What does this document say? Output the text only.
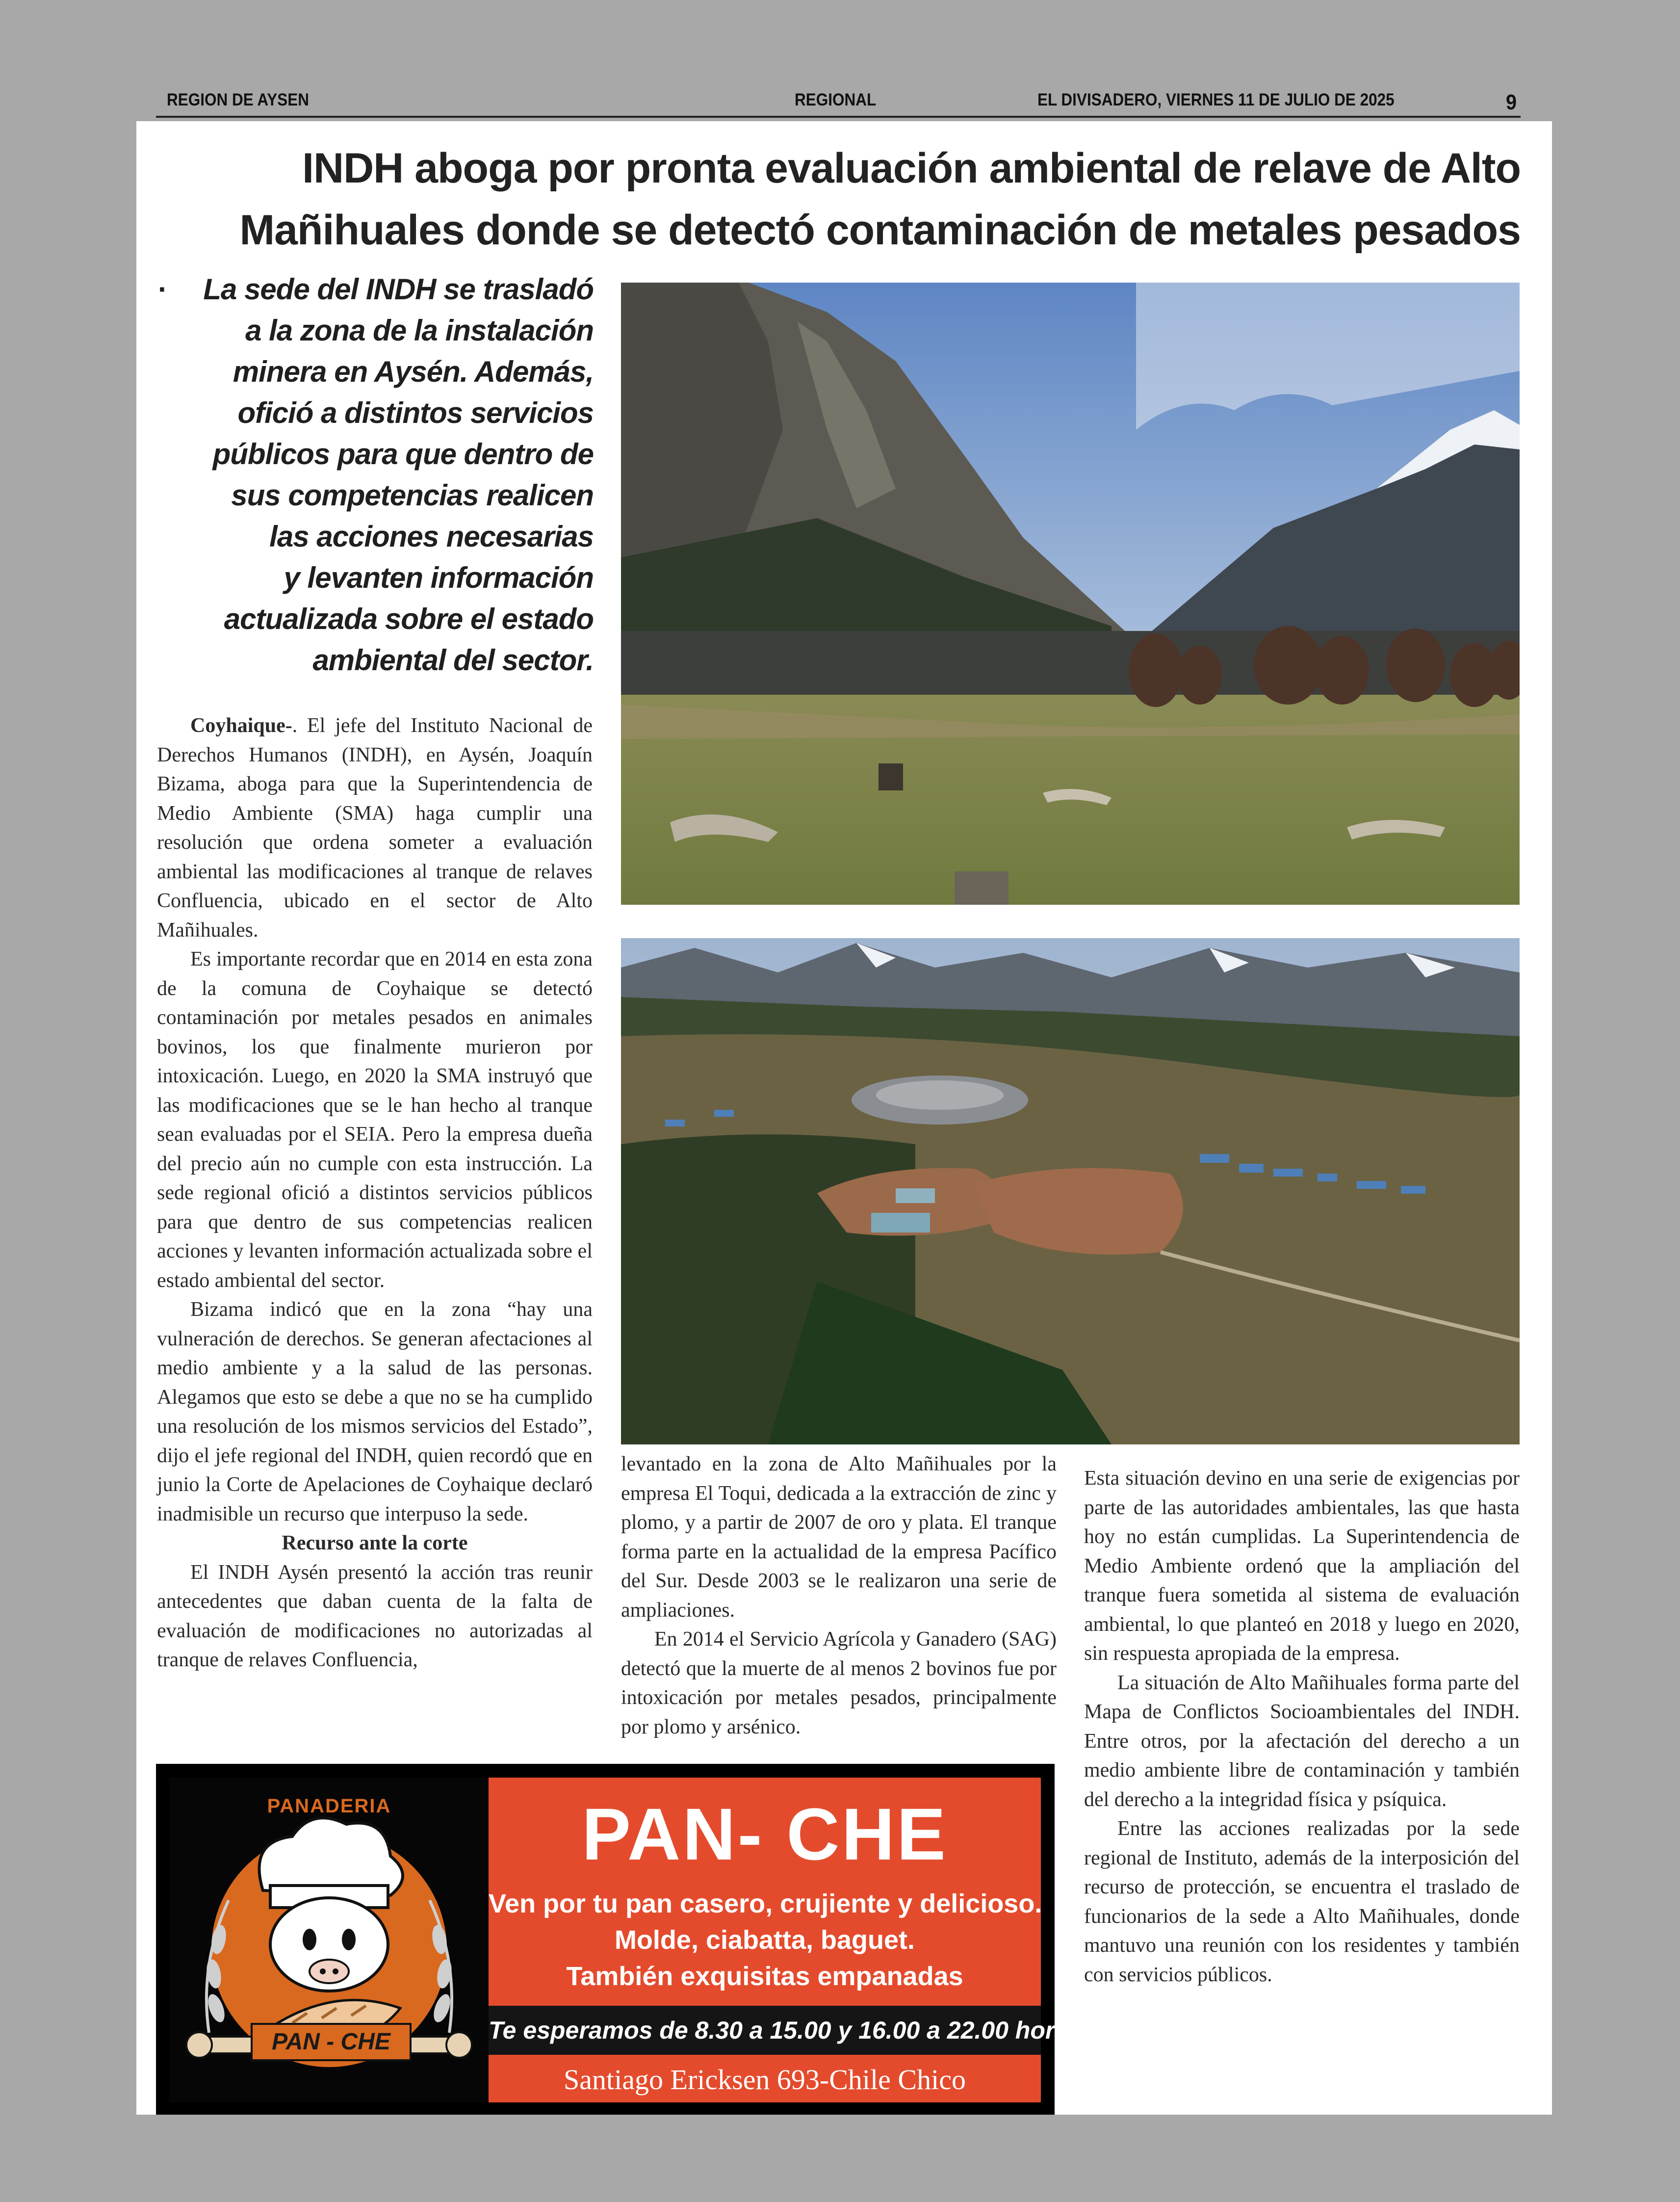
REGION DE AYSEN	REGIONAL	EL DIVISADERO, VIERNES 11 DE JULIO DE 2025	9
INDH aboga por pronta evaluación ambiental de relave de Alto
Mañihuales donde se detectó contaminación de metales pesados
·	La sede del INDH se trasladó
a la zona de la instalación
minera en Aysén. Además,
ofició a distintos servicios
públicos para que dentro de
sus competencias realicen
las acciones necesarias
y levanten información
actualizada sobre el estado
ambiental del sector.

Coyhaique-. El jefe del Instituto Nacional de Derechos Humanos (INDH), en Aysén, Joaquín Bizama, aboga para que la Superintendencia de Medio Ambiente (SMA) haga cumplir una resolución que ordena someter a evaluación ambiental las modificaciones al tranque de relaves Confluencia, ubicado en el sector de Alto Mañihuales.

Es importante recordar que en 2014 en esta zona de la comuna de Coyhaique se detectó contaminación por metales pesados en animales bovinos, los que finalmente murieron por intoxicación. Luego, en 2020 la SMA instruyó que las modificaciones que se le han hecho al tranque sean evaluadas por el SEIA. Pero la empresa dueña del precio aún no cumple con esta instrucción. La sede regional ofició a distintos servicios públicos para que dentro de sus competencias realicen acciones y levanten información actualizada sobre el estado ambiental del sector.

Bizama indicó que en la zona “hay una vulneración de derechos. Se generan afectaciones al medio ambiente y a la salud de las personas. Alegamos que esto se debe a que no se ha cumplido una resolución de los mismos servicios del Estado”, dijo el jefe regional del INDH, quien recordó que en junio la Corte de Apelaciones de Coyhaique declaró inadmisible un recurso que interpuso la sede.

Recurso ante la corte

El INDH Aysén presentó la acción tras reunir antecedentes que daban cuenta de la falta de evaluación de modificaciones no autorizadas al tranque de relaves Confluencia,

levantado en la zona de Alto Mañihuales por la empresa El Toqui, dedicada a la extracción de zinc y plomo, y a partir de 2007 de oro y plata. El tranque forma parte en la actualidad de la empresa Pacífico del Sur. Desde 2003 se le realizaron una serie de ampliaciones.

En 2014 el Servicio Agrícola y Ganadero (SAG) detectó que la muerte de al menos 2 bovinos fue por intoxicación por metales pesados, principalmente por plomo y arsénico.

Esta situación devino en una serie de exigencias por parte de las autoridades ambientales, las que hasta hoy no están cumplidas. La Superintendencia de Medio Ambiente ordenó que la ampliación del tranque fuera sometida al sistema de evaluación ambiental, lo que planteó en 2018 y luego en 2020, sin respuesta apropiada de la empresa.

La situación de Alto Mañihuales forma parte del Mapa de Conflictos Socioambientales del INDH. Entre otros, por la afectación del derecho a un medio ambiente libre de contaminación y también del derecho a la integridad física y psíquica.

Entre las acciones realizadas por la sede regional de Instituto, además de la interposición del recurso de protección, se encuentra el traslado de funcionarios de la sede a Alto Mañihuales, donde mantuvo una reunión con los residentes y también con servicios públicos.

PANADERIA
PAN - CHE
PAN- CHE
Ven por tu pan casero, crujiente y delicioso.
Molde, ciabatta, baguet.
También exquisitas empanadas
Te esperamos de 8.30 a 15.00 y 16.00 a 22.00 horas
Santiago Ericksen 693-Chile Chico
